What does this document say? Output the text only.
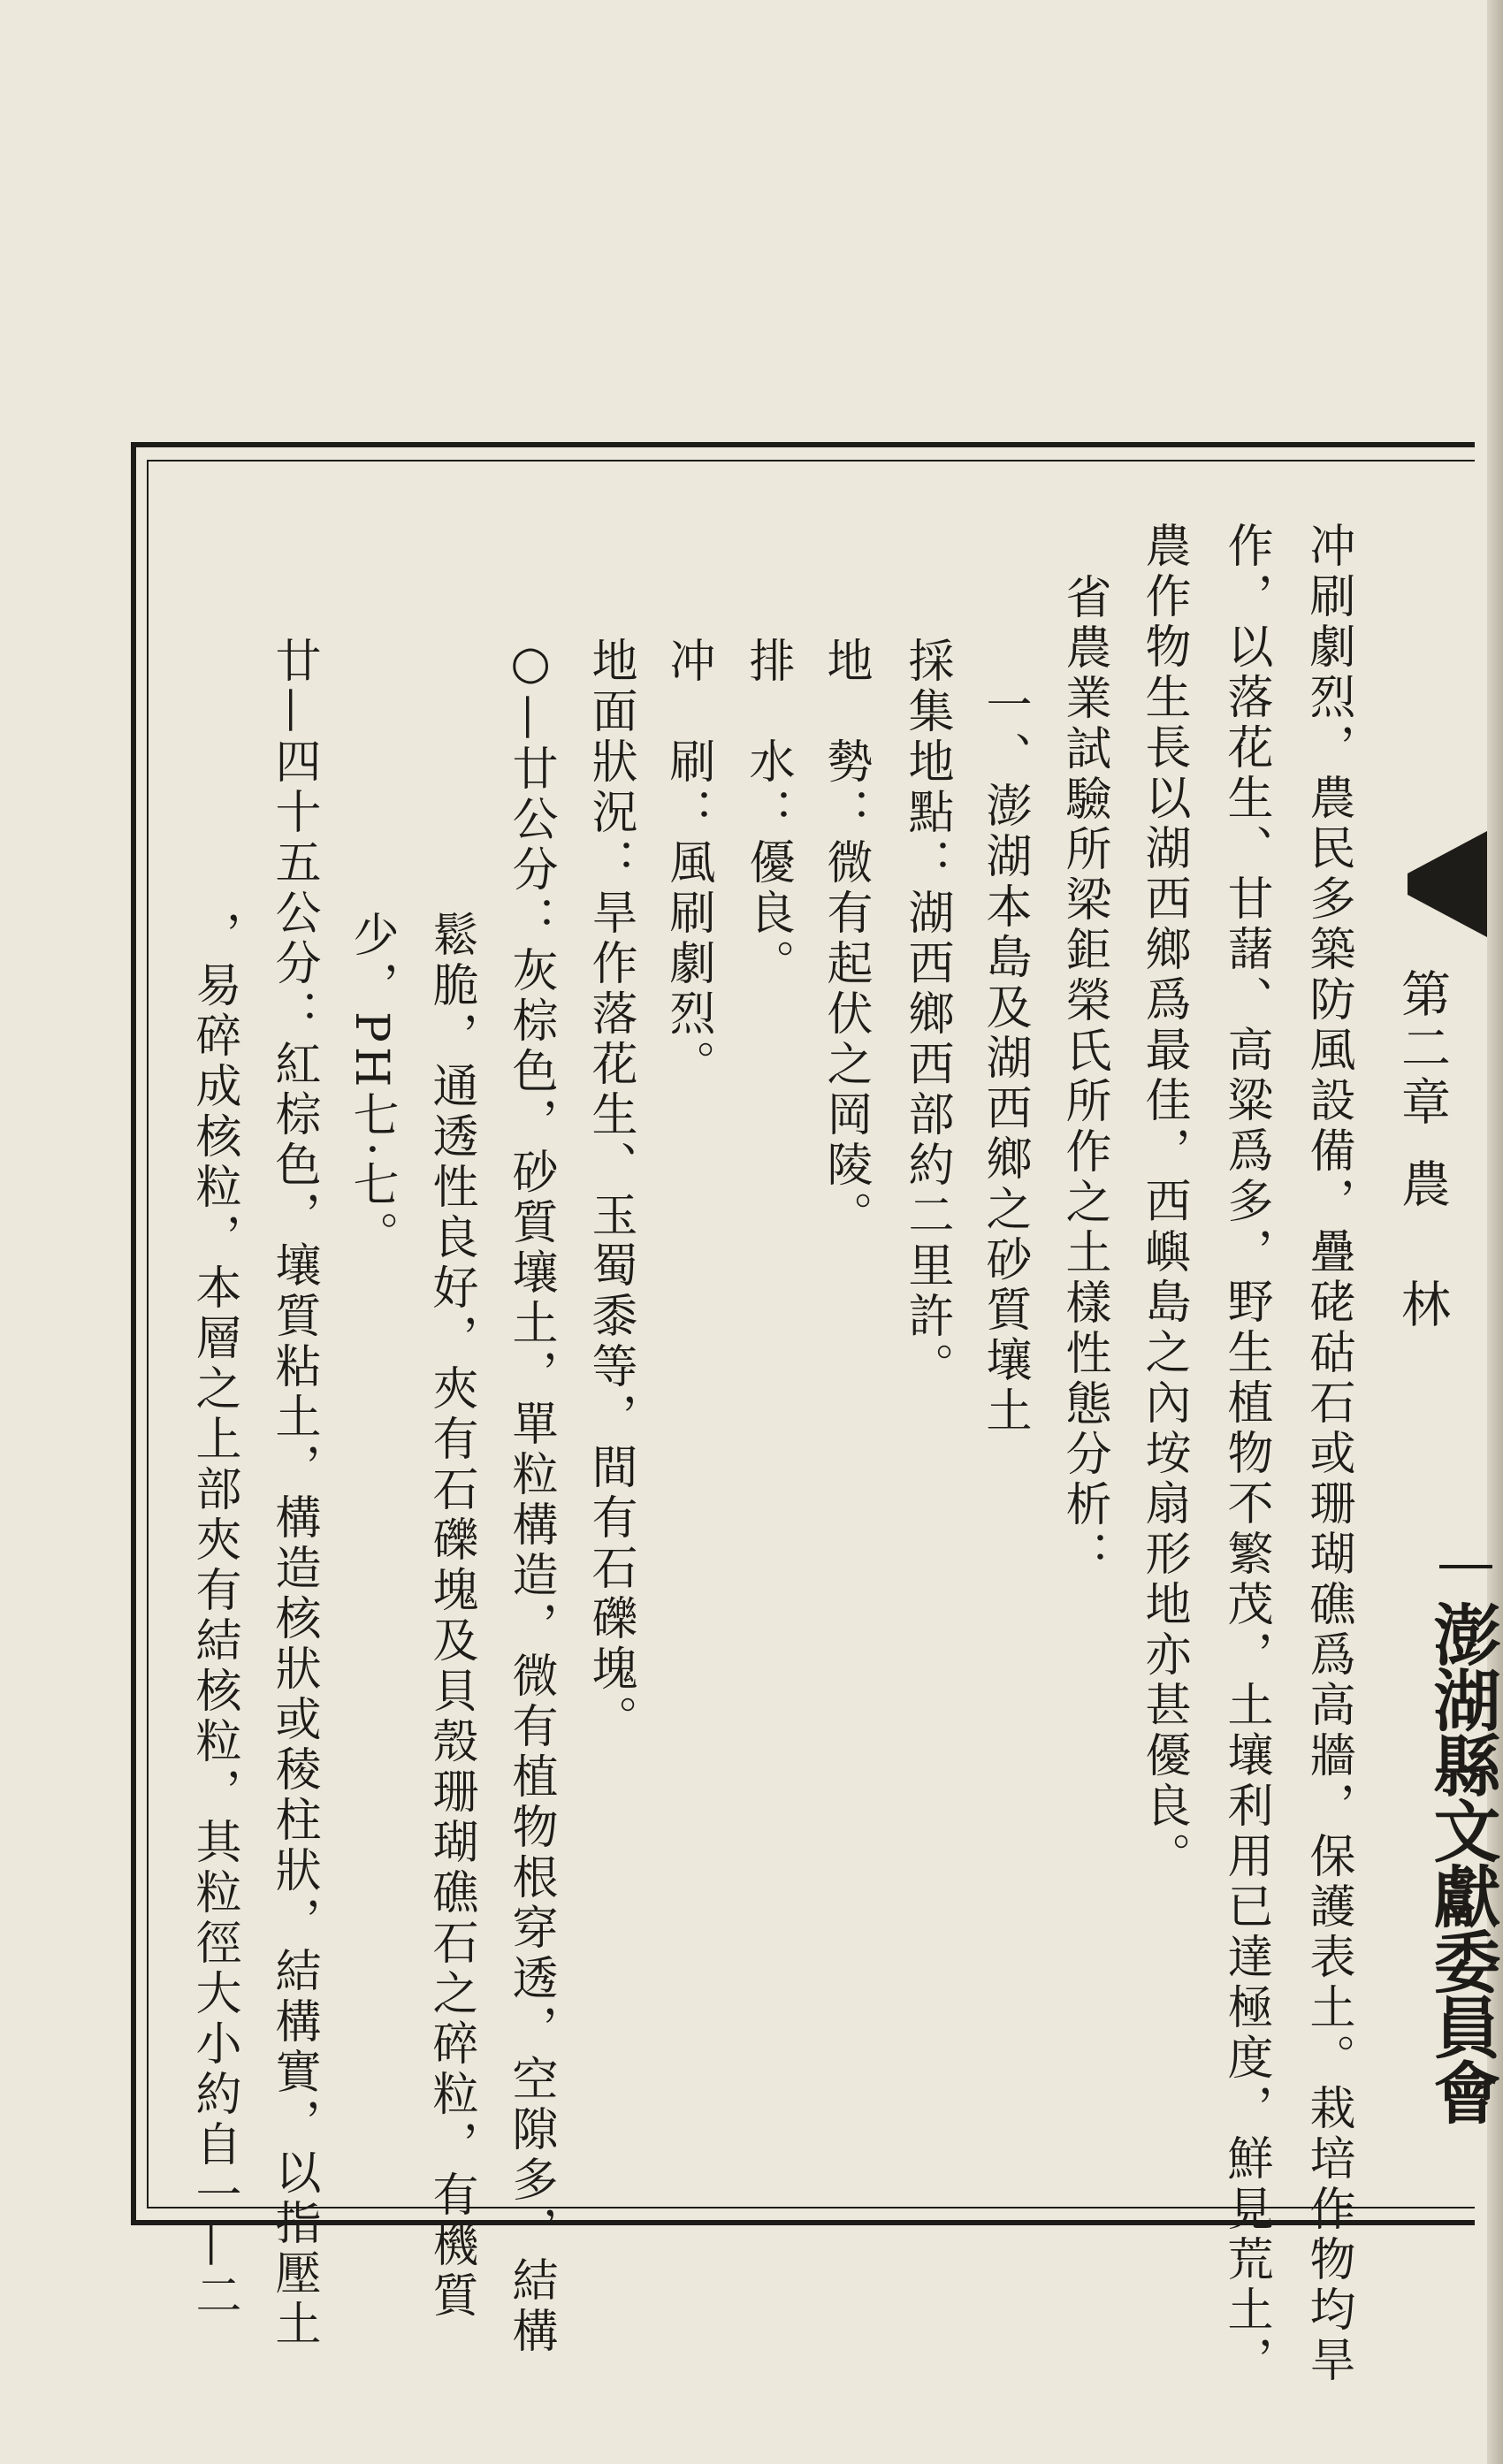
第二章
農　林
澎湖縣文獻委員會
冲刷劇烈，農民多築防風設備，疊硓𥑮石或珊瑚礁爲高牆，保護表土。栽培作物均旱
作，以落花生、甘藷、高粱爲多，野生植物不繁茂，土壤利用已達極度，鮮見荒土，
農作物生長以湖西鄉爲最佳，西嶼島之內垵扇形地亦甚優良。
省農業試驗所梁鉅榮氏所作之土樣性態分析：
一、澎湖本島及湖西鄉之砂質壤土
採集地點：湖西鄉西部約二里許。
地　勢：微有起伏之岡陵。
排　水：優良。
冲　刷：風刷劇烈。
地面狀況：旱作落花生、玉蜀黍等，間有石礫塊。
○—廿公分：灰棕色，砂質壤土，單粒構造，微有植物根穿透，空隙多，結構
鬆脆，通透性良好，夾有石礫塊及貝殼珊瑚礁石之碎粒，有機質
少，PH七·七。
廿—四十五公分：紅棕色，壤質粘土，構造核狀或稜柱狀，結構實，以指壓土
，易碎成核粒，本層之上部夾有結核粒，其粒徑大小約自一—二
